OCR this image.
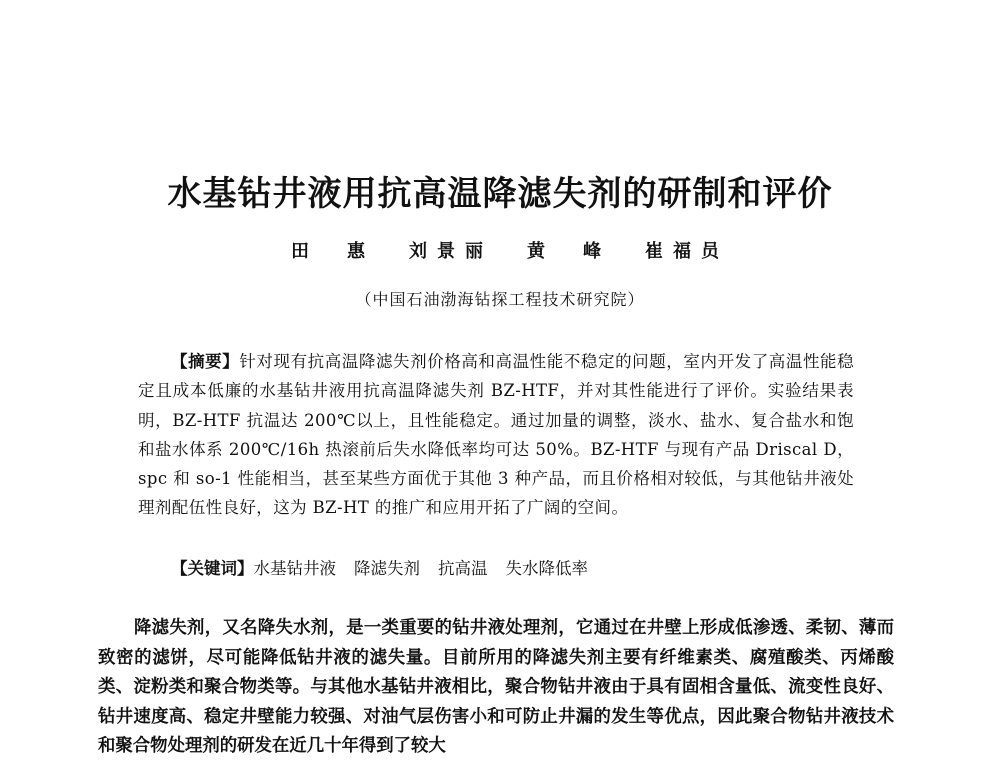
水基钻井液用抗高温降滤失剂的研制和评价
田　惠 刘景丽 黄　峰 崔福员
（中国石油渤海钻探工程技术研究院）

【摘要】针对现有抗高温降滤失剂价格高和高温性能不稳定的问题，室内开发了高温性能稳定且成本低廉的水基钻井液用抗高温降滤失剂 BZ-HTF，并对其性能进行了评价。实验结果表明，BZ-HTF 抗温达 200℃以上，且性能稳定。通过加量的调整，淡水、盐水、复合盐水和饱和盐水体系 200℃/16h 热滚前后失水降低率均可达 50%。BZ-HTF 与现有产品 Driscal D，spc 和 so-1 性能相当，甚至某些方面优于其他 3 种产品，而且价格相对较低，与其他钻井液处理剂配伍性良好，这为 BZ-HT 的推广和应用开拓了广阔的空间。

【关键词】水基钻井液 降滤失剂 抗高温 失水降低率

降滤失剂，又名降失水剂，是一类重要的钻井液处理剂，它通过在井壁上形成低渗透、柔韧、薄而致密的滤饼，尽可能降低钻井液的滤失量。目前所用的降滤失剂主要有纤维素类、腐殖酸类、丙烯酸类、淀粉类和聚合物类等。与其他水基钻井液相比，聚合物钻井液由于具有固相含量低、流变性良好、钻井速度高、稳定井壁能力较强、对油气层伤害小和可防止井漏的发生等优点，因此聚合物钻井液技术和聚合物处理剂的研发在近几十年得到了较大
